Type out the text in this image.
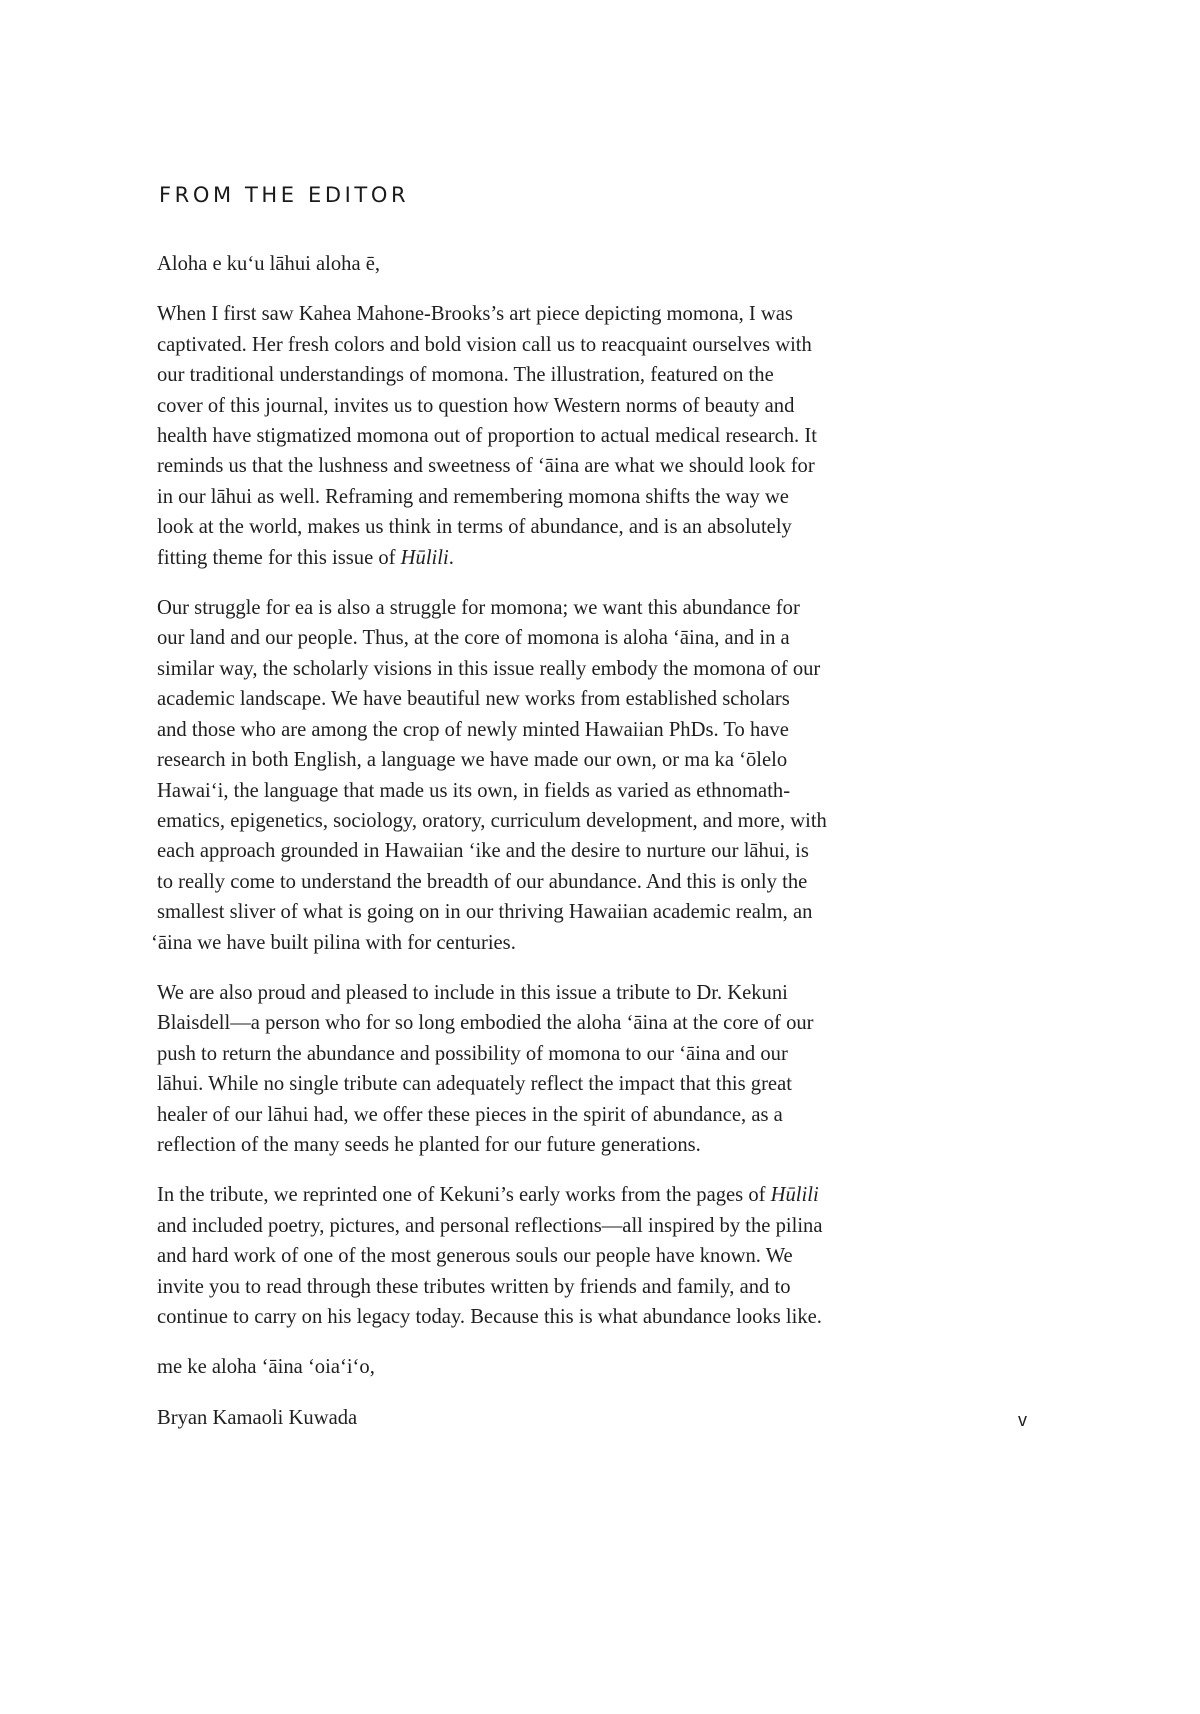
FROM THE EDITOR

Aloha e ku‘u lāhui aloha ē,

When I first saw Kahea Mahone-Brooks’s art piece depicting momona, I was
captivated. Her fresh colors and bold vision call us to reacquaint ourselves with
our traditional understandings of momona. The illustration, featured on the
cover of this journal, invites us to question how Western norms of beauty and
health have stigmatized momona out of proportion to actual medical research. It
reminds us that the lushness and sweetness of ‘āina are what we should look for
in our lāhui as well. Reframing and remembering momona shifts the way we
look at the world, makes us think in terms of abundance, and is an absolutely
fitting theme for this issue of Hūlili.

Our struggle for ea is also a struggle for momona; we want this abundance for
our land and our people. Thus, at the core of momona is aloha ‘āina, and in a
similar way, the scholarly visions in this issue really embody the momona of our
academic landscape. We have beautiful new works from established scholars
and those who are among the crop of newly minted Hawaiian PhDs. To have
research in both English, a language we have made our own, or ma ka ‘ōlelo
Hawai‘i, the language that made us its own, in fields as varied as ethnomath-
ematics, epigenetics, sociology, oratory, curriculum development, and more, with
each approach grounded in Hawaiian ‘ike and the desire to nurture our lāhui, is
to really come to understand the breadth of our abundance. And this is only the
smallest sliver of what is going on in our thriving Hawaiian academic realm, an
‘āina we have built pilina with for centuries.

We are also proud and pleased to include in this issue a tribute to Dr. Kekuni
Blaisdell—a person who for so long embodied the aloha ‘āina at the core of our
push to return the abundance and possibility of momona to our ‘āina and our
lāhui. While no single tribute can adequately reflect the impact that this great
healer of our lāhui had, we offer these pieces in the spirit of abundance, as a
reflection of the many seeds he planted for our future generations.

In the tribute, we reprinted one of Kekuni’s early works from the pages of Hūlili
and included poetry, pictures, and personal reflections—all inspired by the pilina
and hard work of one of the most generous souls our people have known. We
invite you to read through these tributes written by friends and family, and to
continue to carry on his legacy today. Because this is what abundance looks like.

me ke aloha ‘āina ‘oia‘i‘o,

Bryan Kamaoli Kuwada	v
